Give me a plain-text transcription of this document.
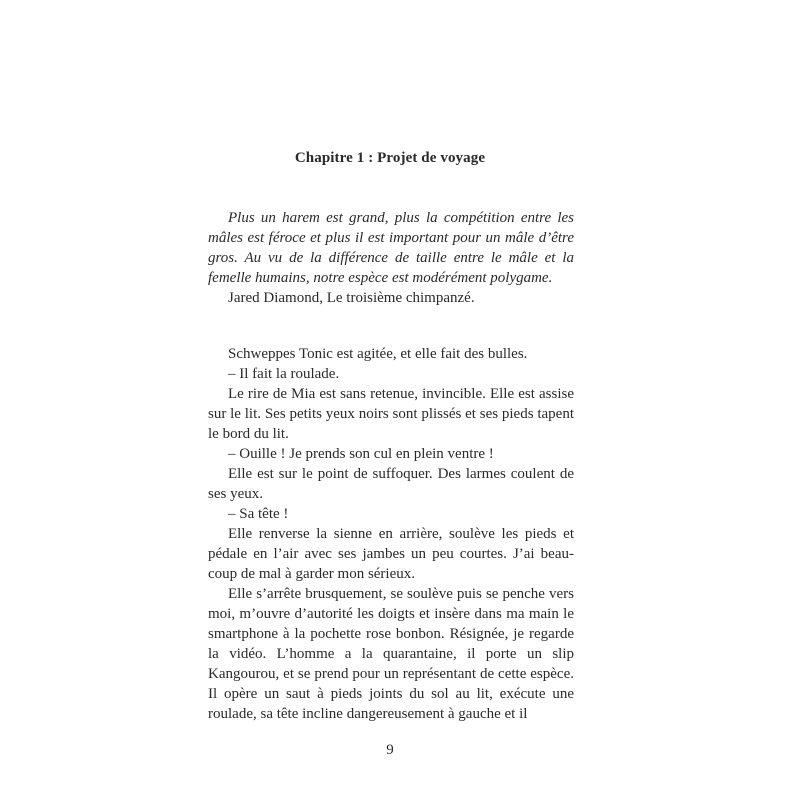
Chapitre 1 : Projet de voyage

Plus un harem est grand, plus la compétition entre les mâles est féroce et plus il est important pour un mâle d’être gros. Au vu de la différence de taille entre le mâle et la femelle humains, notre espèce est modérément polygame.

Jared Diamond, Le troisième chimpanzé.

Schweppes Tonic est agitée, et elle fait des bulles.

– Il fait la roulade.

Le rire de Mia est sans retenue, invincible. Elle est assise sur le lit. Ses petits yeux noirs sont plissés et ses pieds tapent le bord du lit.

– Ouille ! Je prends son cul en plein ventre !

Elle est sur le point de suffoquer. Des larmes coulent de ses yeux.

– Sa tête !

Elle renverse la sienne en arrière, soulève les pieds et pédale en l’air avec ses jambes un peu courtes. J’ai beaucoup de mal à garder mon sérieux.

Elle s’arrête brusquement, se soulève puis se penche vers moi, m’ouvre d’autorité les doigts et insère dans ma main le smartphone à la pochette rose bonbon. Résignée, je regarde la vidéo. L’homme a la quarantaine, il porte un slip Kangourou, et se prend pour un représentant de cette espèce. Il opère un saut à pieds joints du sol au lit, exécute une roulade, sa tête incline dangereusement à gauche et il

9
